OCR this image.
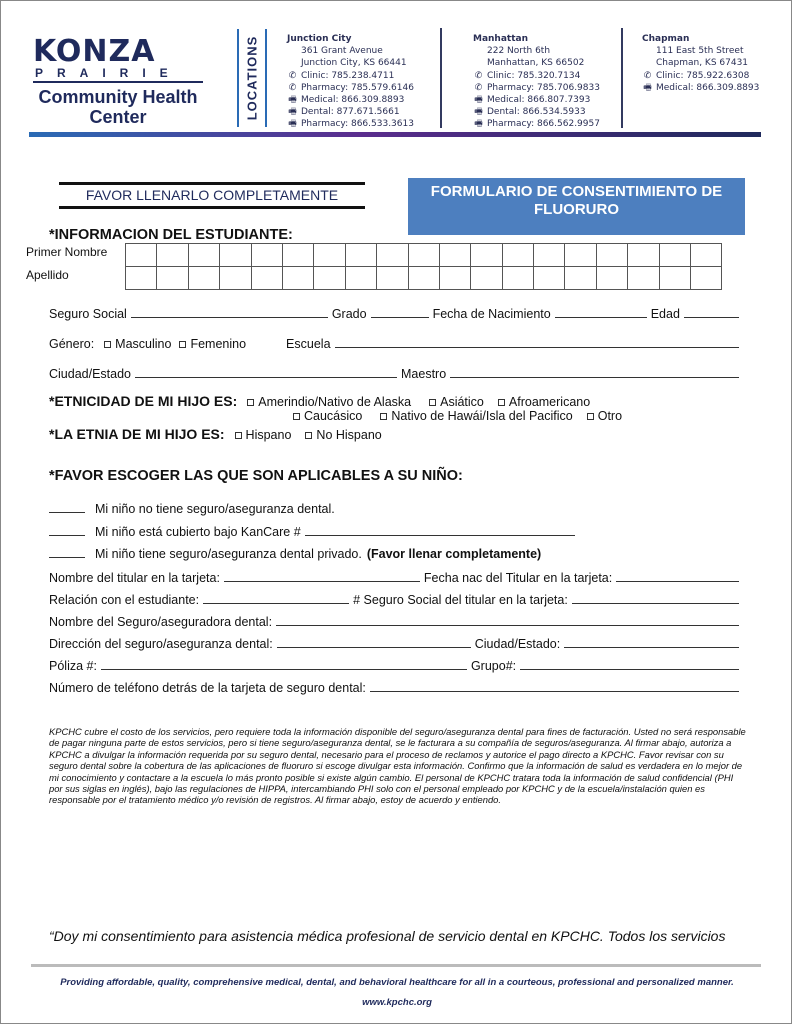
KONZA
PRAIRIE
Community Health Center	LOCATIONS	Junction City
361 Grant Avenue
Junction City, KS 66441
✆ Clinic: 785.238.4711
✆ Pharmacy: 785.579.6146
🖷 Medical: 866.309.8893
🖷 Dental: 877.671.5661
🖷 Pharmacy: 866.533.3613
Manhattan
222 North 6th
Manhattan, KS 66502
✆ Clinic: 785.320.7134
✆ Pharmacy: 785.706.9833
🖷 Medical: 866.807.7393
🖷 Dental: 866.534.5933
🖷 Pharmacy: 866.562.9957
Chapman
111 East 5th Street
Chapman, KS 67431
✆ Clinic: 785.922.6308
🖷 Medical: 866.309.8893
FAVOR LLENARLO COMPLETAMENTE	FORMULARIO DE CONSENTIMIENTO DE FLUORURO
*INFORMACION DEL ESTUDIANTE:
Primer Nombre
Apellido
Seguro Social	Grado	Fecha de Nacimiento	Edad
Género: Masculino Femenino	Escuela
Ciudad/Estado	Maestro
*ETNICIDAD DE MI HIJO ES: Amerindio/Nativo de Alaska Asiático Afroamericano
Caucásico Nativo de Hawái/Isla del Pacifico Otro
*LA ETNIA DE MI HIJO ES: Hispano No Hispano
*FAVOR ESCOGER LAS QUE SON APLICABLES A SU NIÑO:
Mi niño no tiene seguro/aseguranza dental.
Mi niño está cubierto bajo KanCare #
Mi niño tiene seguro/aseguranza dental privado. (Favor llenar completamente)
Nombre del titular en la tarjeta:	Fecha nac del Titular en la tarjeta:
Relación con el estudiante:	# Seguro Social del titular en la tarjeta:
Nombre del Seguro/aseguradora dental:
Dirección del seguro/aseguranza dental:	Ciudad/Estado:
Póliza #:	Grupo#:
Número de teléfono detrás de la tarjeta de seguro dental:
KPCHC cubre el costo de los servicios, pero requiere toda la información disponible del seguro/aseguranza dental para fines de facturación. Usted no será responsable de pagar ninguna parte de estos servicios, pero si tiene seguro/aseguranza dental, se le facturara a su compañía de seguros/aseguranza. Al firmar abajo, autoriza a KPCHC a divulgar la información requerida por su seguro dental, necesario para el proceso de reclamos y autorice el pago directo a KPCHC. Favor revisar con su seguro dental sobre la cobertura de las aplicaciones de fluoruro si escoge divulgar esta información. Confirmo que la información de salud es verdadera en lo mejor de mi conocimiento y contactare a la escuela lo más pronto posible si existe algún cambio. El personal de KPCHC tratara toda la información de salud confidencial (PHI por sus siglas en inglés), bajo las regulaciones de HIPPA, intercambiando PHI solo con el personal empleado por KPCHC y de la escuela/instalación quien es responsable por el tratamiento médico y/o revisión de registros. Al firmar abajo, estoy de acuerdo y entiendo.
“Doy mi consentimiento para asistencia médica profesional de servicio dental en KPCHC. Todos los servicios
Providing affordable, quality, comprehensive medical, dental, and behavioral healthcare for all in a courteous, professional and personalized manner.
www.kpchc.org
